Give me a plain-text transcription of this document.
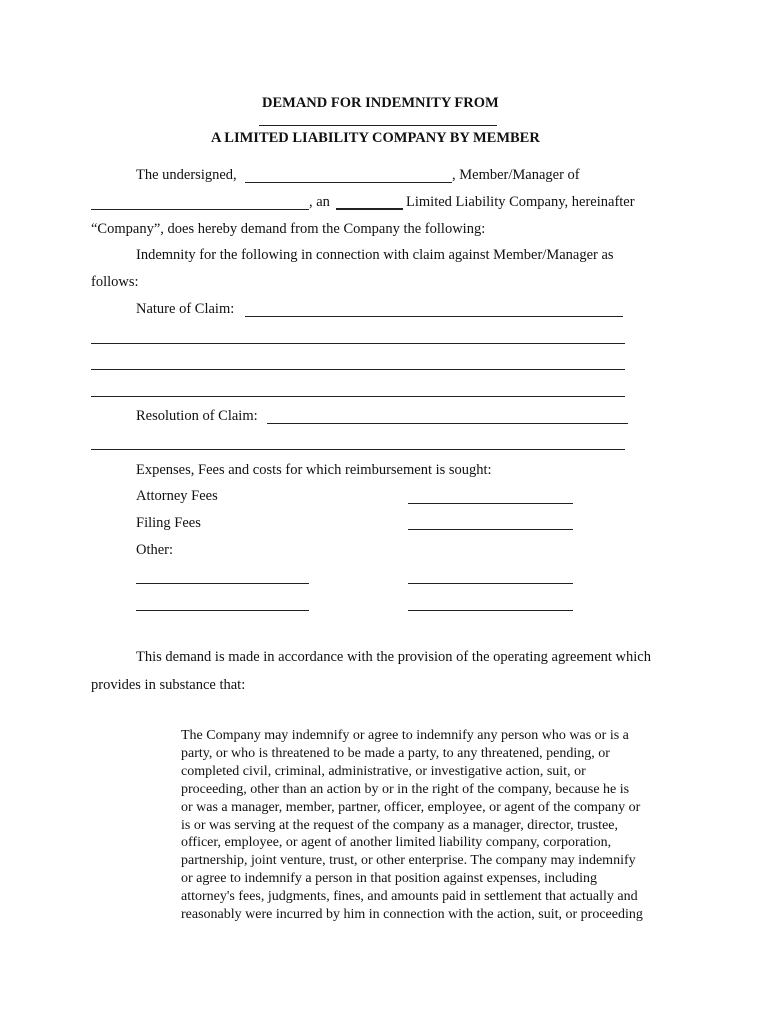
DEMAND FOR INDEMNITY FROM
A LIMITED LIABILITY COMPANY BY MEMBER
The undersigned,	, Member/Manager of
, an	Limited Liability Company, hereinafter
“Company”, does hereby demand from the Company the following:
Indemnity for the following in connection with claim against Member/Manager as
follows:
Nature of Claim:
Resolution of Claim:
Expenses, Fees and costs for which reimbursement is sought:
Attorney Fees
Filing Fees
Other:
This demand is made in accordance with the provision of the operating agreement which
provides in substance that:
The Company may indemnify or agree to indemnify any person who was or is a
party, or who is threatened to be made a party, to any threatened, pending, or
completed civil, criminal, administrative, or investigative action, suit, or
proceeding, other than an action by or in the right of the company, because he is
or was a manager, member, partner, officer, employee, or agent of the company or
is or was serving at the request of the company as a manager, director, trustee,
officer, employee, or agent of another limited liability company, corporation,
partnership, joint venture, trust, or other enterprise. The company may indemnify
or agree to indemnify a person in that position against expenses, including
attorney's fees, judgments, fines, and amounts paid in settlement that actually and
reasonably were incurred by him in connection with the action, suit, or proceeding
